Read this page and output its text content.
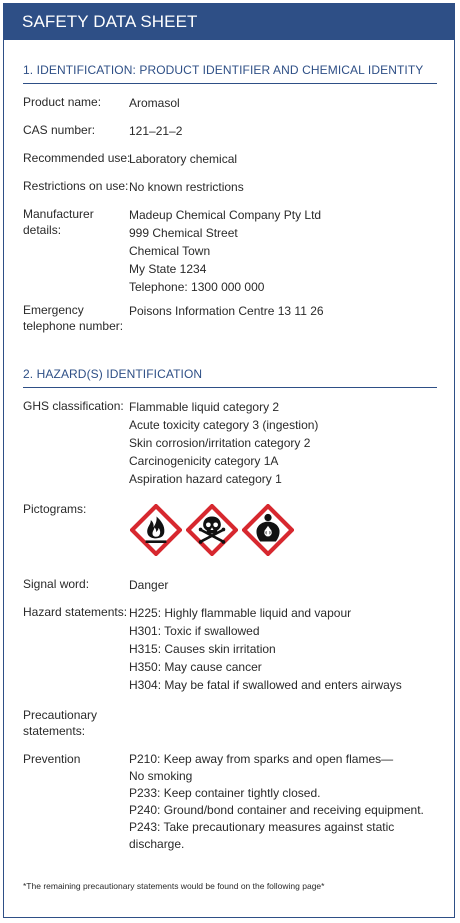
SAFETY DATA SHEET
1. IDENTIFICATION: PRODUCT IDENTIFIER AND CHEMICAL IDENTITY
Product name:	Aromasol
CAS number:	121–21–2
Recommended use:
Laboratory chemical
Restrictions on use: No known restrictions
Manufacturer
details:
Madeup Chemical Company Pty Ltd
999 Chemical Street
Chemical Town
My State 1234
Telephone: 1300 000 000
Emergency
telephone number:
Poisons Information Centre 13 11 26
2. HAZARD(S) IDENTIFICATION
GHS classification: Flammable liquid category 2
Acute toxicity category 3 (ingestion)
Skin corrosion/irritation category 2
Carcinogenicity category 1A
Aspiration hazard category 1
Pictograms:
Signal word:	Danger
Hazard statements: H225: Highly flammable liquid and vapour
H301: Toxic if swallowed
H315: Causes skin irritation
H350: May cause cancer
H304: May be fatal if swallowed and enters airways
Precautionary
statements:
Prevention	P210: Keep away from sparks and open flames—
No smoking
P233: Keep container tightly closed.
P240: Ground/bond container and receiving equipment.
P243: Take precautionary measures against static
discharge.
*The remaining precautionary statements would be found on the following page*
